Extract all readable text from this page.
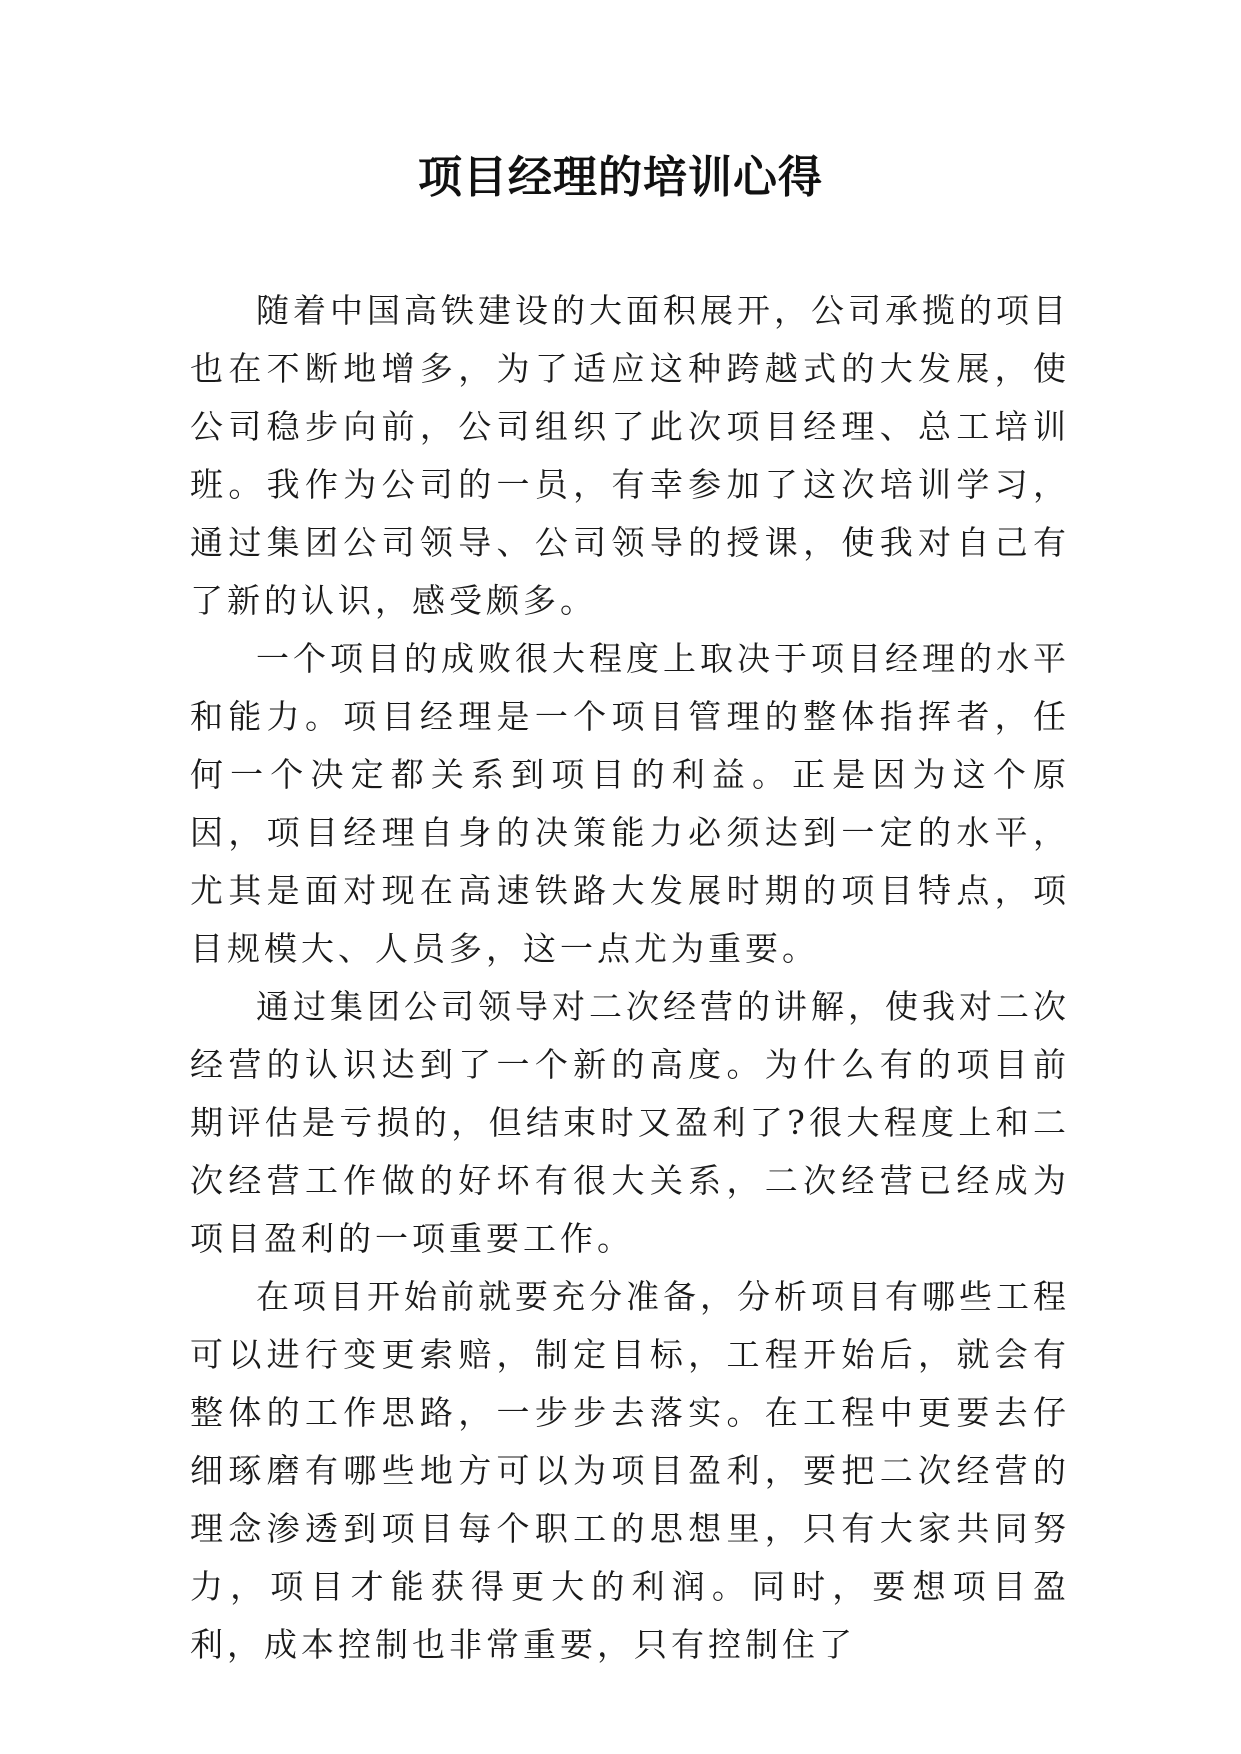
项目经理的培训心得

随着中国高铁建设的大面积展开，公司承揽的项目也在不断地增多，为了适应这种跨越式的大发展，使公司稳步向前，公司组织了此次项目经理、总工培训班。我作为公司的一员，有幸参加了这次培训学习，通过集团公司领导、公司领导的授课，使我对自己有了新的认识，感受颇多。

一个项目的成败很大程度上取决于项目经理的水平和能力。项目经理是一个项目管理的整体指挥者，任何一个决定都关系到项目的利益。正是因为这个原因，项目经理自身的决策能力必须达到一定的水平，尤其是面对现在高速铁路大发展时期的项目特点，项目规模大、人员多，这一点尤为重要。

通过集团公司领导对二次经营的讲解，使我对二次经营的认识达到了一个新的高度。为什么有的项目前期评估是亏损的，但结束时又盈利了?很大程度上和二次经营工作做的好坏有很大关系，二次经营已经成为项目盈利的一项重要工作。

在项目开始前就要充分准备，分析项目有哪些工程可以进行变更索赔，制定目标，工程开始后，就会有整体的工作思路，一步步去落实。在工程中更要去仔细琢磨有哪些地方可以为项目盈利，要把二次经营的理念渗透到项目每个职工的思想里，只有大家共同努力，项目才能获得更大的利润。同时，要想项目盈利，成本控制也非常重要，只有控制住了
